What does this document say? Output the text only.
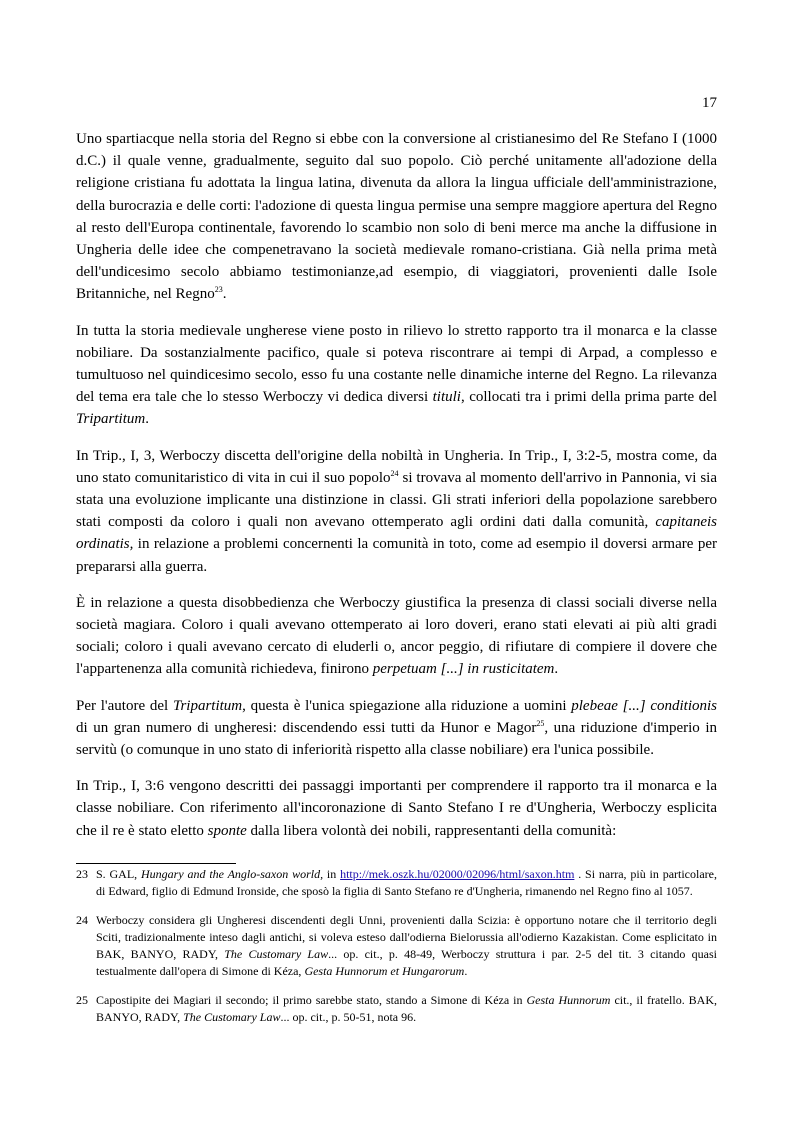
17

Uno spartiacque nella storia del Regno si ebbe con la conversione al cristianesimo del Re Stefano I (1000 d.C.) il quale venne, gradualmente, seguito dal suo popolo. Ciò perché unitamente all'adozione della religione cristiana fu adottata la lingua latina, divenuta da allora la lingua ufficiale dell'amministrazione, della burocrazia e delle corti: l'adozione di questa lingua permise una sempre maggiore apertura del Regno al resto dell'Europa continentale, favorendo lo scambio non solo di beni merce ma anche la diffusione in Ungheria delle idee che compenetravano la società medievale romano-cristiana. Già nella prima metà dell'undicesimo secolo abbiamo testimonianze,ad esempio, di viaggiatori, provenienti dalle Isole Britanniche, nel Regno$^{23}$.

In tutta la storia medievale ungherese viene posto in rilievo lo stretto rapporto tra il monarca e la classe nobiliare. Da sostanzialmente pacifico, quale si poteva riscontrare ai tempi di Arpad, a complesso e tumultuoso nel quindicesimo secolo, esso fu una costante nelle dinamiche interne del Regno. La rilevanza del tema era tale che lo stesso Werboczy vi dedica diversi tituli, collocati tra i primi della prima parte del Tripartitum.

In Trip., I, 3, Werboczy discetta dell'origine della nobiltà in Ungheria. In Trip., I, 3:2-5, mostra come, da uno stato comunitaristico di vita in cui il suo popolo$^{24}$ si trovava al momento dell'arrivo in Pannonia, vi sia stata una evoluzione implicante una distinzione in classi. Gli strati inferiori della popolazione sarebbero stati composti da coloro i quali non avevano ottemperato agli ordini dati dalla comunità, capitaneis ordinatis, in relazione a problemi concernenti la comunità in toto, come ad esempio il doversi armare per prepararsi alla guerra.

È in relazione a questa disobbedienza che Werboczy giustifica la presenza di classi sociali diverse nella società magiara. Coloro i quali avevano ottemperato ai loro doveri, erano stati elevati ai più alti gradi sociali; coloro i quali avevano cercato di eluderli o, ancor peggio, di rifiutare di compiere il dovere che l'appartenenza alla comunità richiedeva, finirono perpetuam [...] in rusticitatem.

Per l'autore del Tripartitum, questa è l'unica spiegazione alla riduzione a uomini plebeae [...] conditionis di un gran numero di ungheresi: discendendo essi tutti da Hunor e Magor$^{25}$, una riduzione d'imperio in servitù (o comunque in uno stato di inferiorità rispetto alla classe nobiliare) era l'unica possibile.

In Trip., I, 3:6 vengono descritti dei passaggi importanti per comprendere il rapporto tra il monarca e la classe nobiliare. Con riferimento all'incoronazione di Santo Stefano I re d'Ungheria, Werboczy esplicita che il re è stato eletto sponte dalla libera volontà dei nobili, rappresentanti della comunità:

23 S. GAL, Hungary and the Anglo-saxon world, in http://mek.oszk.hu/02000/02096/html/saxon.htm . Si narra, più in particolare, di Edward, figlio di Edmund Ironside, che sposò la figlia di Santo Stefano re d'Ungheria, rimanendo nel Regno fino al 1057.
24 Werboczy considera gli Ungheresi discendenti degli Unni, provenienti dalla Scizia: è opportuno notare che il territorio degli Sciti, tradizionalmente inteso dagli antichi, si voleva esteso dall'odierna Bielorussia all'odierno Kazakistan. Come esplicitato in BAK, BANYO, RADY, The Customary Law... op. cit., p. 48-49, Werboczy struttura i par. 2-5 del tit. 3 citando quasi testualmente dall'opera di Simone di Kéza, Gesta Hunnorum et Hungarorum.
25 Capostipite dei Magiari il secondo; il primo sarebbe stato, stando a Simone di Kéza in Gesta Hunnorum cit., il fratello. BAK, BANYO, RADY, The Customary Law... op. cit., p. 50-51, nota 96.
